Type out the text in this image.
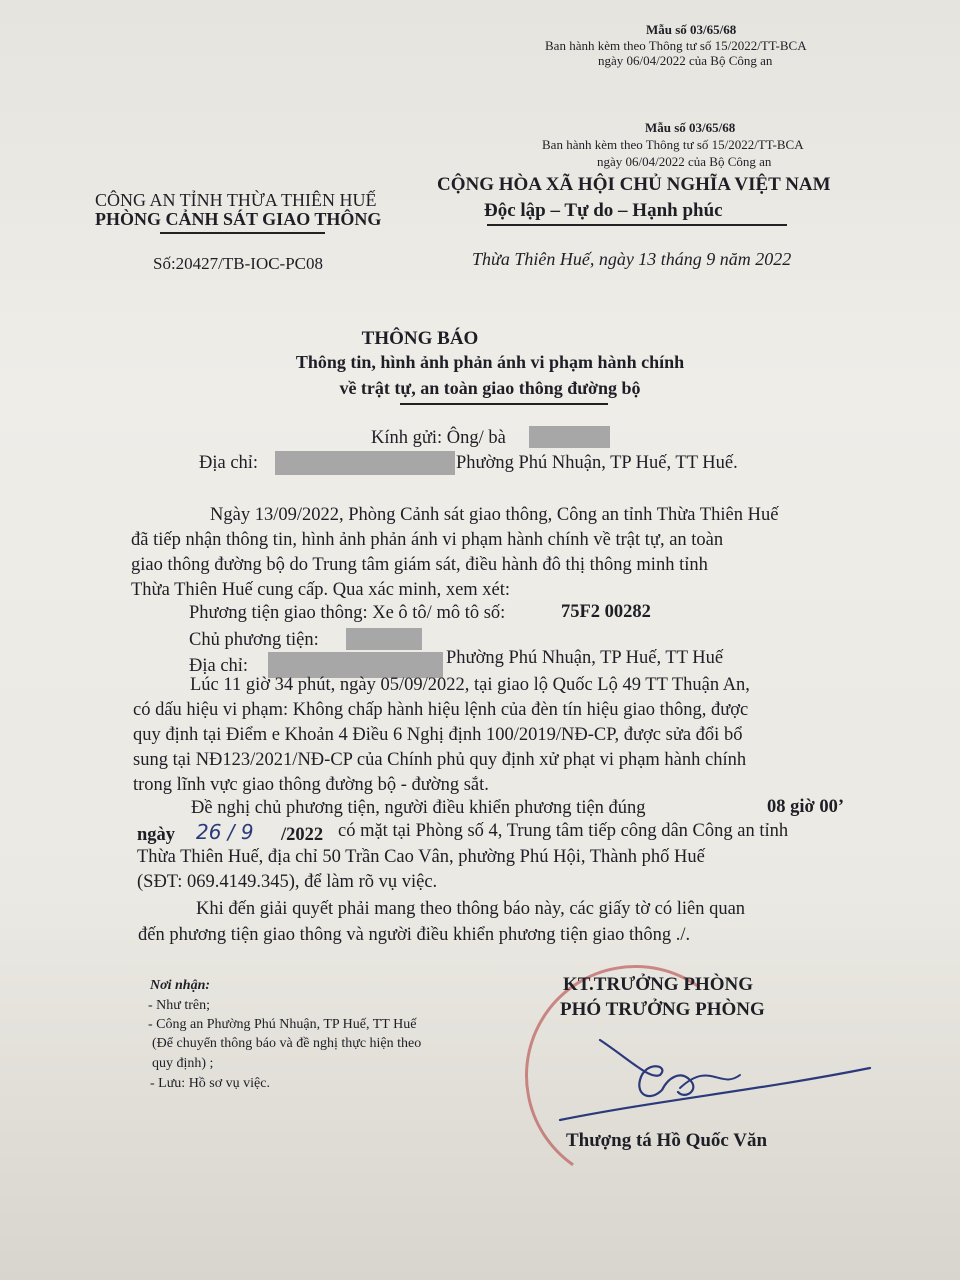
Mẫu số 03/65/68
Ban hành kèm theo Thông tư số 15/2022/TT-BCA
ngày 06/04/2022 của Bộ Công an
Mẫu số 03/65/68
Ban hành kèm theo Thông tư số 15/2022/TT-BCA
ngày 06/04/2022 của Bộ Công an
CÔNG AN TỈNH THỪA THIÊN HUẾ
PHÒNG CẢNH SÁT GIAO THÔNG
Số:20427/TB-IOC-PC08
CỘNG HÒA XÃ HỘI CHỦ NGHĨA VIỆT NAM
Độc lập – Tự do – Hạnh phúc
Thừa Thiên Huế, ngày 13 tháng 9 năm 2022
THÔNG BÁO
Thông tin, hình ảnh phản ánh vi phạm hành chính
về trật tự, an toàn giao thông đường bộ
Kính gửi: Ông/ bà
Địa chỉ:	Phường Phú Nhuận, TP Huế, TT Huế.
Ngày 13/09/2022, Phòng Cảnh sát giao thông, Công an tỉnh Thừa Thiên Huế
đã tiếp nhận thông tin, hình ảnh phản ánh vi phạm hành chính về trật tự, an toàn
giao thông đường bộ do Trung tâm giám sát, điều hành đô thị thông minh tỉnh
Thừa Thiên Huế cung cấp. Qua xác minh, xem xét:
Phương tiện giao thông: Xe ô tô/ mô tô số:	75F2 00282
Chủ phương tiện:
Địa chỉ:	Phường Phú Nhuận, TP Huế, TT Huế
Lúc 11 giờ 34 phút, ngày 05/09/2022, tại giao lộ Quốc Lộ 49 TT Thuận An,
có dấu hiệu vi phạm: Không chấp hành hiệu lệnh của đèn tín hiệu giao thông, được
quy định tại Điểm e Khoản 4 Điều 6 Nghị định 100/2019/NĐ-CP, được sửa đổi bổ
sung tại NĐ123/2021/NĐ-CP của Chính phủ quy định xử phạt vi phạm hành chính
trong lĩnh vực giao thông đường bộ - đường sắt.
Đề nghị chủ phương tiện, người điều khiển phương tiện đúng	08 giờ 00’
ngày 26 / 9 /2022 có mặt tại Phòng số 4, Trung tâm tiếp công dân Công an tỉnh
Thừa Thiên Huế, địa chỉ 50 Trần Cao Vân, phường Phú Hội, Thành phố Huế
(SĐT: 069.4149.345), để làm rõ vụ việc.
Khi đến giải quyết phải mang theo thông báo này, các giấy tờ có liên quan
đến phương tiện giao thông và người điều khiển phương tiện giao thông ./.
Nơi nhận:
- Như trên;
- Công an Phường Phú Nhuận, TP Huế, TT Huế
(Để chuyển thông báo và đề nghị thực hiện theo
quy định) ;
- Lưu: Hồ sơ vụ việc.
KT.TRƯỞNG PHÒNG
PHÓ TRƯỞNG PHÒNG
Thượng tá Hồ Quốc Văn
